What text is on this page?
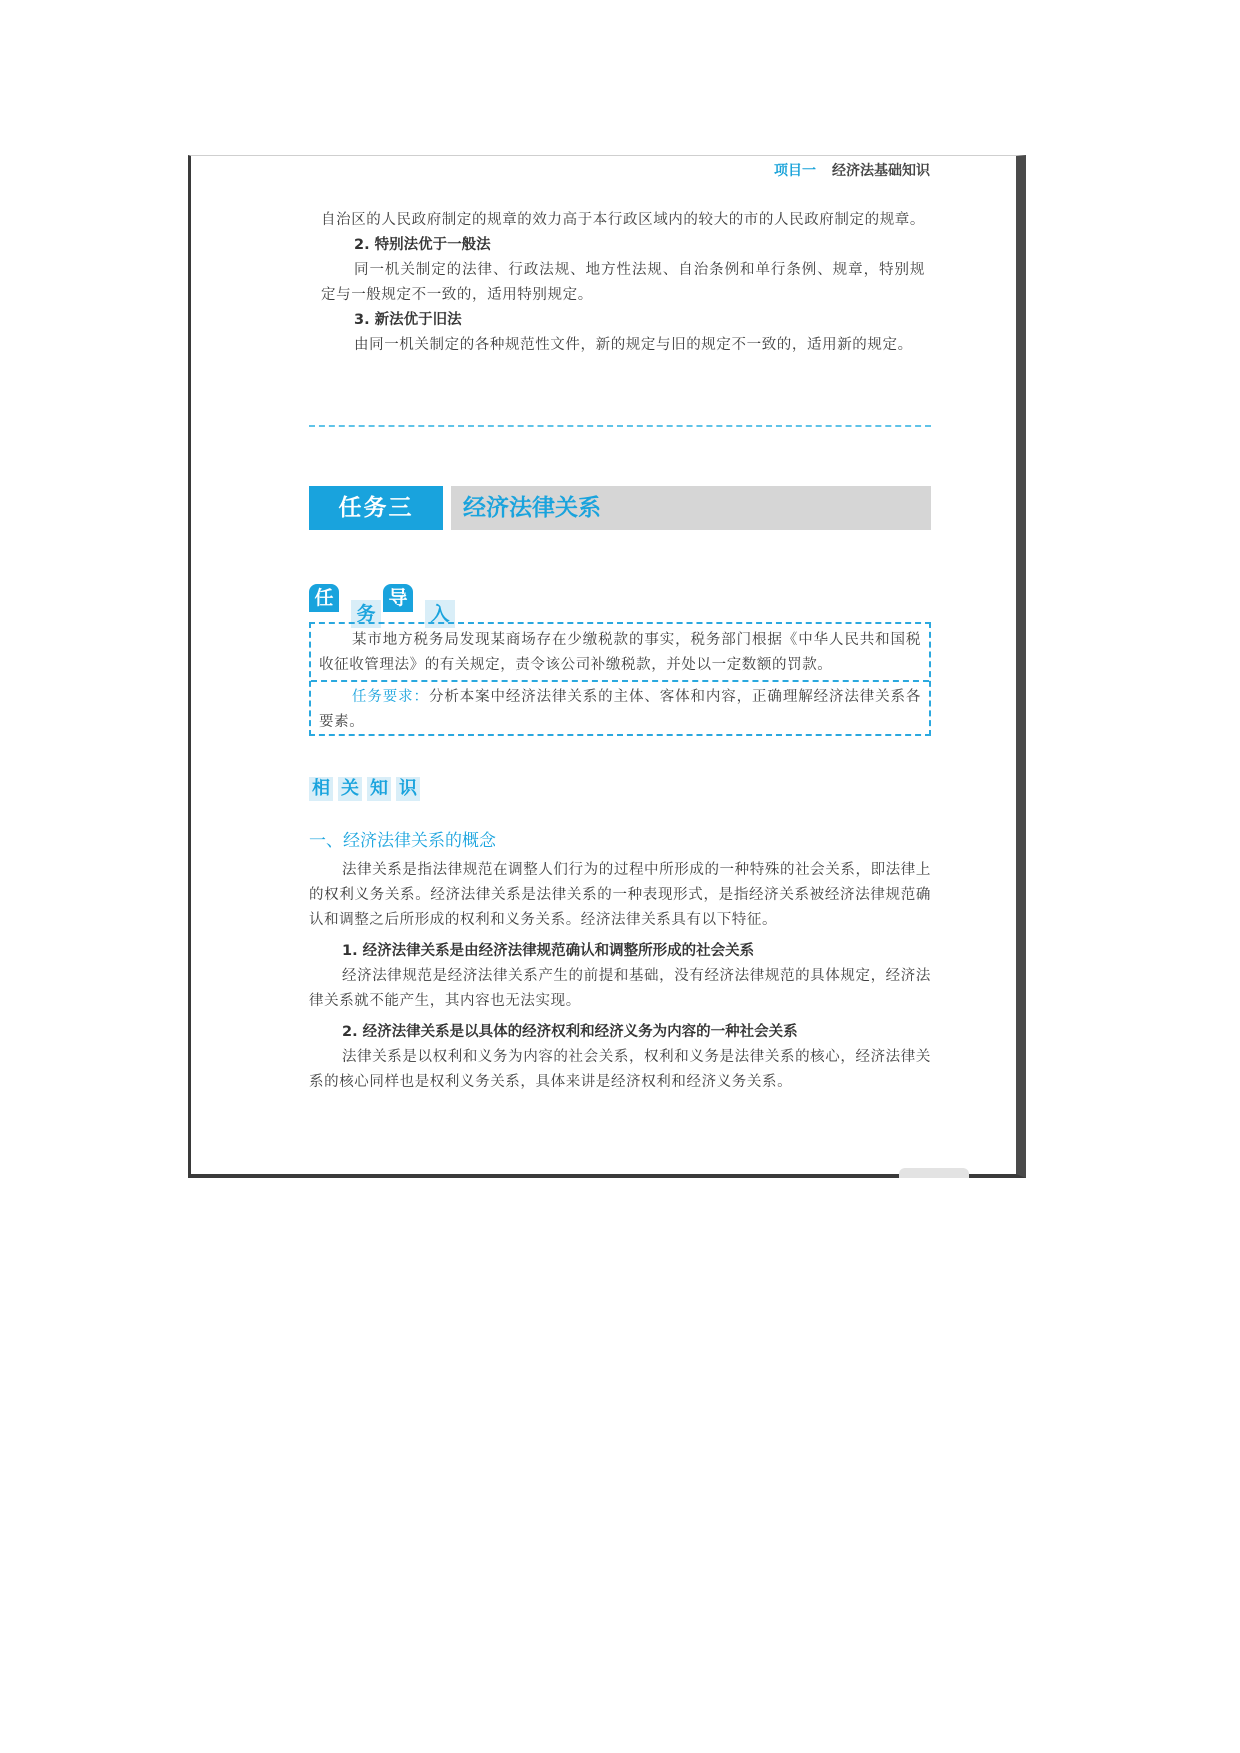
项目一 经济法基础知识

自治区的人民政府制定的规章的效力高于本行政区域内的较大的市的人民政府制定的规章。

2. 特别法优于一般法

同一机关制定的法律、行政法规、地方性法规、自治条例和单行条例、规章，特别规定与一般规定不一致的，适用特别规定。

3. 新法优于旧法

由同一机关制定的各种规范性文件，新的规定与旧的规定不一致的，适用新的规定。

任务三	经济法律关系
任
务
导
入

某市地方税务局发现某商场存在少缴税款的事实，税务部门根据《中华人民共和国税收征收管理法》的有关规定，责令该公司补缴税款，并处以一定数额的罚款。

任务要求：分析本案中经济法律关系的主体、客体和内容，正确理解经济法律关系各要素。

相 关 知 识
一、经济法律关系的概念

法律关系是指法律规范在调整人们行为的过程中所形成的一种特殊的社会关系，即法律上的权利义务关系。经济法律关系是法律关系的一种表现形式，是指经济关系被经济法律规范确认和调整之后所形成的权利和义务关系。经济法律关系具有以下特征。

1. 经济法律关系是由经济法律规范确认和调整所形成的社会关系

经济法律规范是经济法律关系产生的前提和基础，没有经济法律规范的具体规定，经济法律关系就不能产生，其内容也无法实现。

2. 经济法律关系是以具体的经济权利和经济义务为内容的一种社会关系

法律关系是以权利和义务为内容的社会关系，权利和义务是法律关系的核心，经济法律关系的核心同样也是权利义务关系，具体来讲是经济权利和经济义务关系。
